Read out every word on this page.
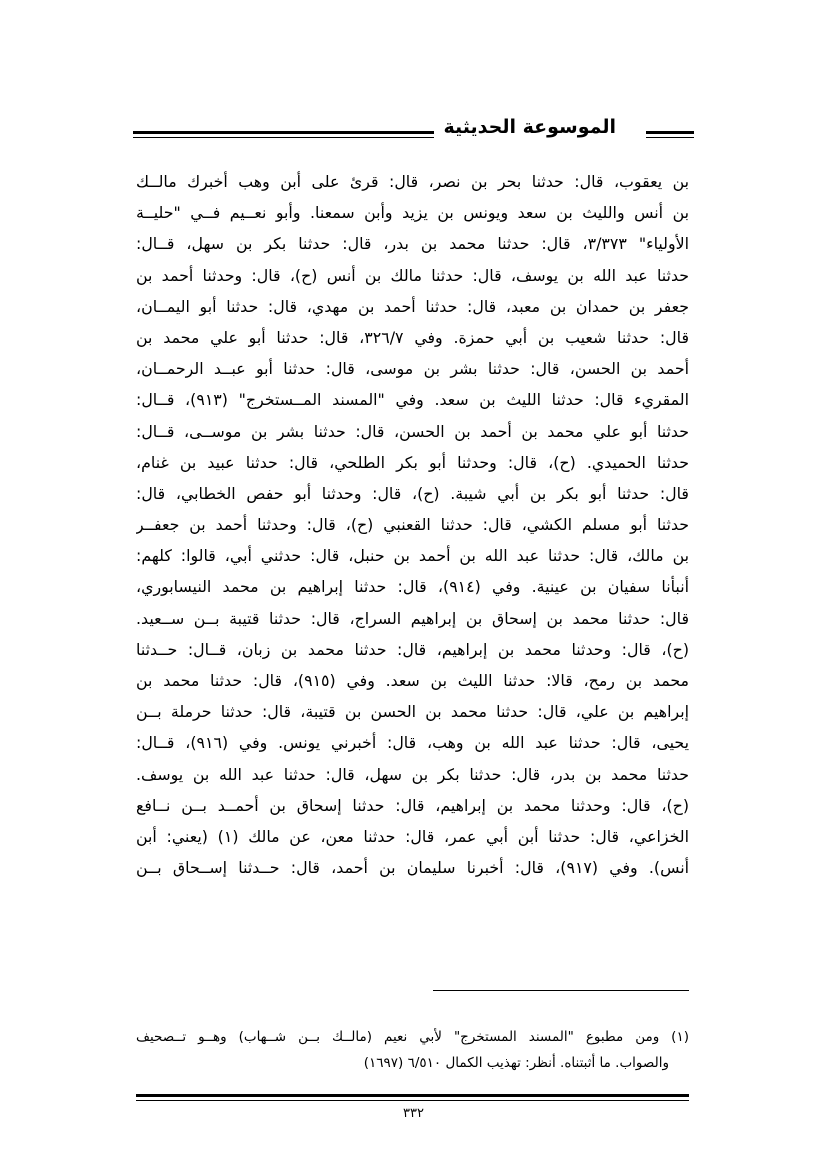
الموسوعة الحديثية
بن يعقوب، قال: حدثنا بحر بن نصر، قال: قرئ على أبن وهب أخبرك مالــك
بن أنس والليث بن سعد ويونس بن يزيد وأبن سمعنا. وأبو نعــيم فــي "حليــة
الأولياء" ٣/٣٧٣، قال: حدثنا محمد بن بدر، قال: حدثنا بكر بن سهل، قــال:
حدثنا عبد الله بن يوسف، قال: حدثنا مالك بن أنس (ح)، قال: وحدثنا أحمد بن
جعفر بن حمدان بن معبد، قال: حدثنا أحمد بن مهدي، قال: حدثنا أبو اليمــان،
قال: حدثنا شعيب بن أبي حمزة. وفي ٣٢٦/٧، قال: حدثنا أبو علي محمد بن
أحمد بن الحسن، قال: حدثنا بشر بن موسى، قال: حدثنا أبو عبــد الرحمــان،
المقريء قال: حدثنا الليث بن سعد. وفي "المسند المــستخرج" (٩١٣)، قــال:
حدثنا أبو علي محمد بن أحمد بن الحسن، قال: حدثنا بشر بن موســى، قــال:
حدثنا الحميدي. (ح)، قال: وحدثنا أبو بكر الطلحي، قال: حدثنا عبيد بن غنام،
قال: حدثنا أبو بكر بن أبي شيبة. (ح)، قال: وحدثنا أبو حفص الخطابي، قال:
حدثنا أبو مسلم الكشي، قال: حدثنا القعنبي (ح)، قال: وحدثنا أحمد بن جعفــر
بن مالك، قال: حدثنا عبد الله بن أحمد بن حنبل، قال: حدثني أبي، قالوا: كلهم:
أنبأنا سفيان بن عينية. وفي (٩١٤)، قال: حدثنا إبراهيم بن محمد النيسابوري،
قال: حدثنا محمد بن إسحاق بن إبراهيم السراج، قال: حدثنا قتيبة بــن ســعيد.
(ح)، قال: وحدثنا محمد بن إبراهيم، قال: حدثنا محمد بن زبان، قــال: حــدثنا
محمد بن رمح، قالا: حدثنا الليث بن سعد. وفي (٩١٥)، قال: حدثنا محمد بن
إبراهيم بن علي، قال: حدثنا محمد بن الحسن بن قتيبة، قال: حدثنا حرملة بــن
يحيى، قال: حدثنا عبد الله بن وهب، قال: أخبرني يونس. وفي (٩١٦)، قــال:
حدثنا محمد بن بدر، قال: حدثنا بكر بن سهل، قال: حدثنا عبد الله بن يوسف.
(ح)، قال: وحدثنا محمد بن إبراهيم، قال: حدثنا إسحاق بن أحمــد بــن نــافع
الخزاعي، قال: حدثنا أبن أبي عمر، قال: حدثنا معن، عن مالك (١) (يعني: أبن
أنس). وفي (٩١٧)، قال: أخبرنا سليمان بن أحمد، قال: حــدثنا إســحاق بــن
(١) ومن مطبوع "المسند المستخرج" لأبي نعيم (مالــك بــن شــهاب) وهــو تــصحيف
والصواب. ما أثبتناه. أنظر: تهذيب الكمال ٦/٥١٠ (١٦٩٧)
٣٣٢
